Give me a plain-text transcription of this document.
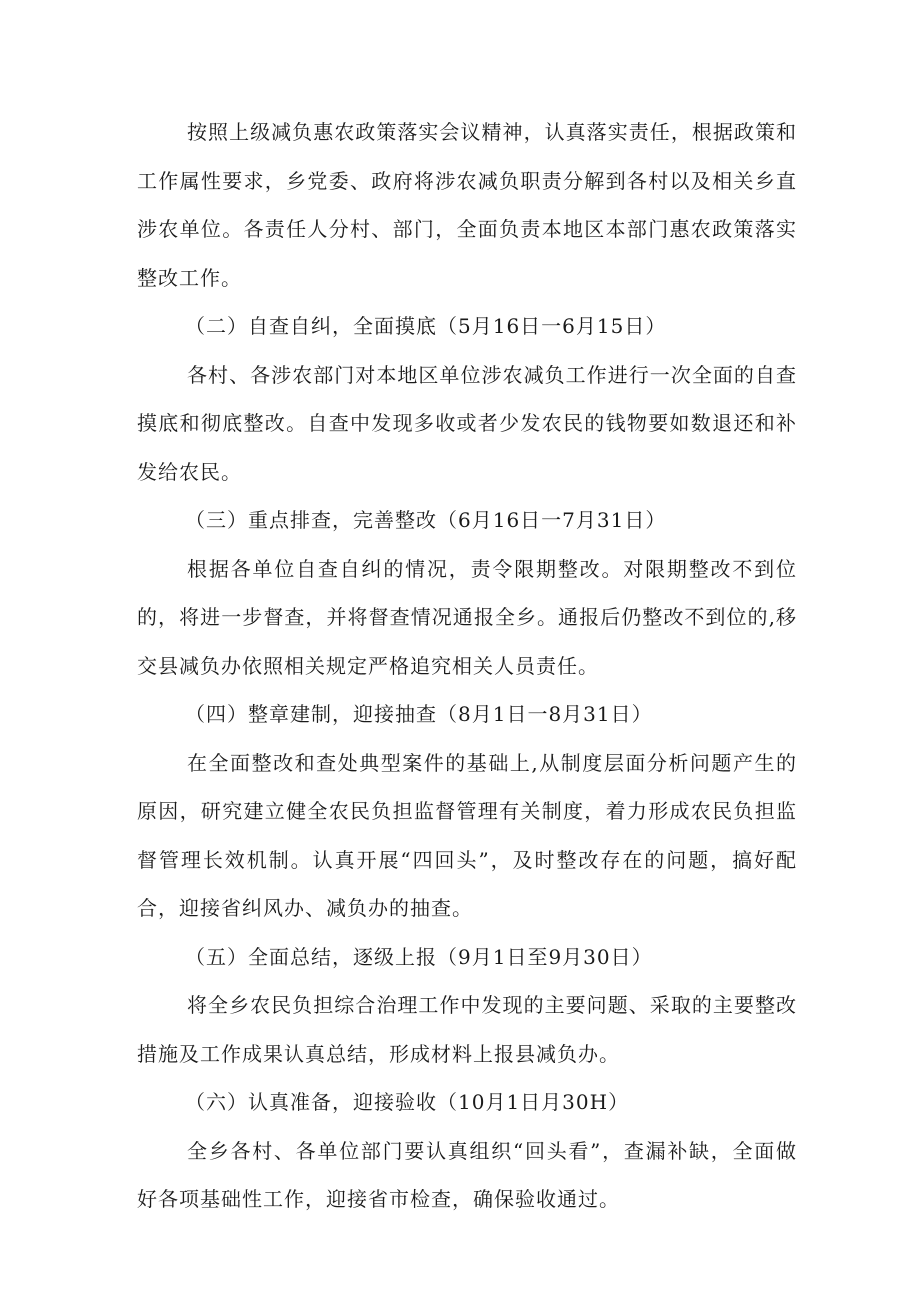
按照上级减负惠农政策落实会议精神，认真落实责任，根据政策和工作属性要求，乡党委、政府将涉农减负职责分解到各村以及相关乡直涉农单位。各责任人分村、部门，全面负责本地区本部门惠农政策落实整改工作。

（二）自查自纠，全面摸底（5月16日一6月15日）

各村、各涉农部门对本地区单位涉农减负工作进行一次全面的自查摸底和彻底整改。自查中发现多收或者少发农民的钱物要如数退还和补发给农民。

（三）重点排查，完善整改（6月16日一7月31日）

根据各单位自查自纠的情况，责令限期整改。对限期整改不到位的，将进一步督查，并将督查情况通报全乡。通报后仍整改不到位的,移交县减负办依照相关规定严格追究相关人员责任。

（四）整章建制，迎接抽查（8月1日一8月31日）

在全面整改和查处典型案件的基础上,从制度层面分析问题产生的原因，研究建立健全农民负担监督管理有关制度，着力形成农民负担监督管理长效机制。认真开展“四回头”，及时整改存在的问题，搞好配合，迎接省纠风办、减负办的抽查。

（五）全面总结，逐级上报（9月1日至9月30日）

将全乡农民负担综合治理工作中发现的主要问题、采取的主要整改措施及工作成果认真总结，形成材料上报县减负办。

（六）认真准备，迎接验收（10月1日月30H）

全乡各村、各单位部门要认真组织“回头看”，查漏补缺，全面做好各项基础性工作，迎接省市检查，确保验收通过。
